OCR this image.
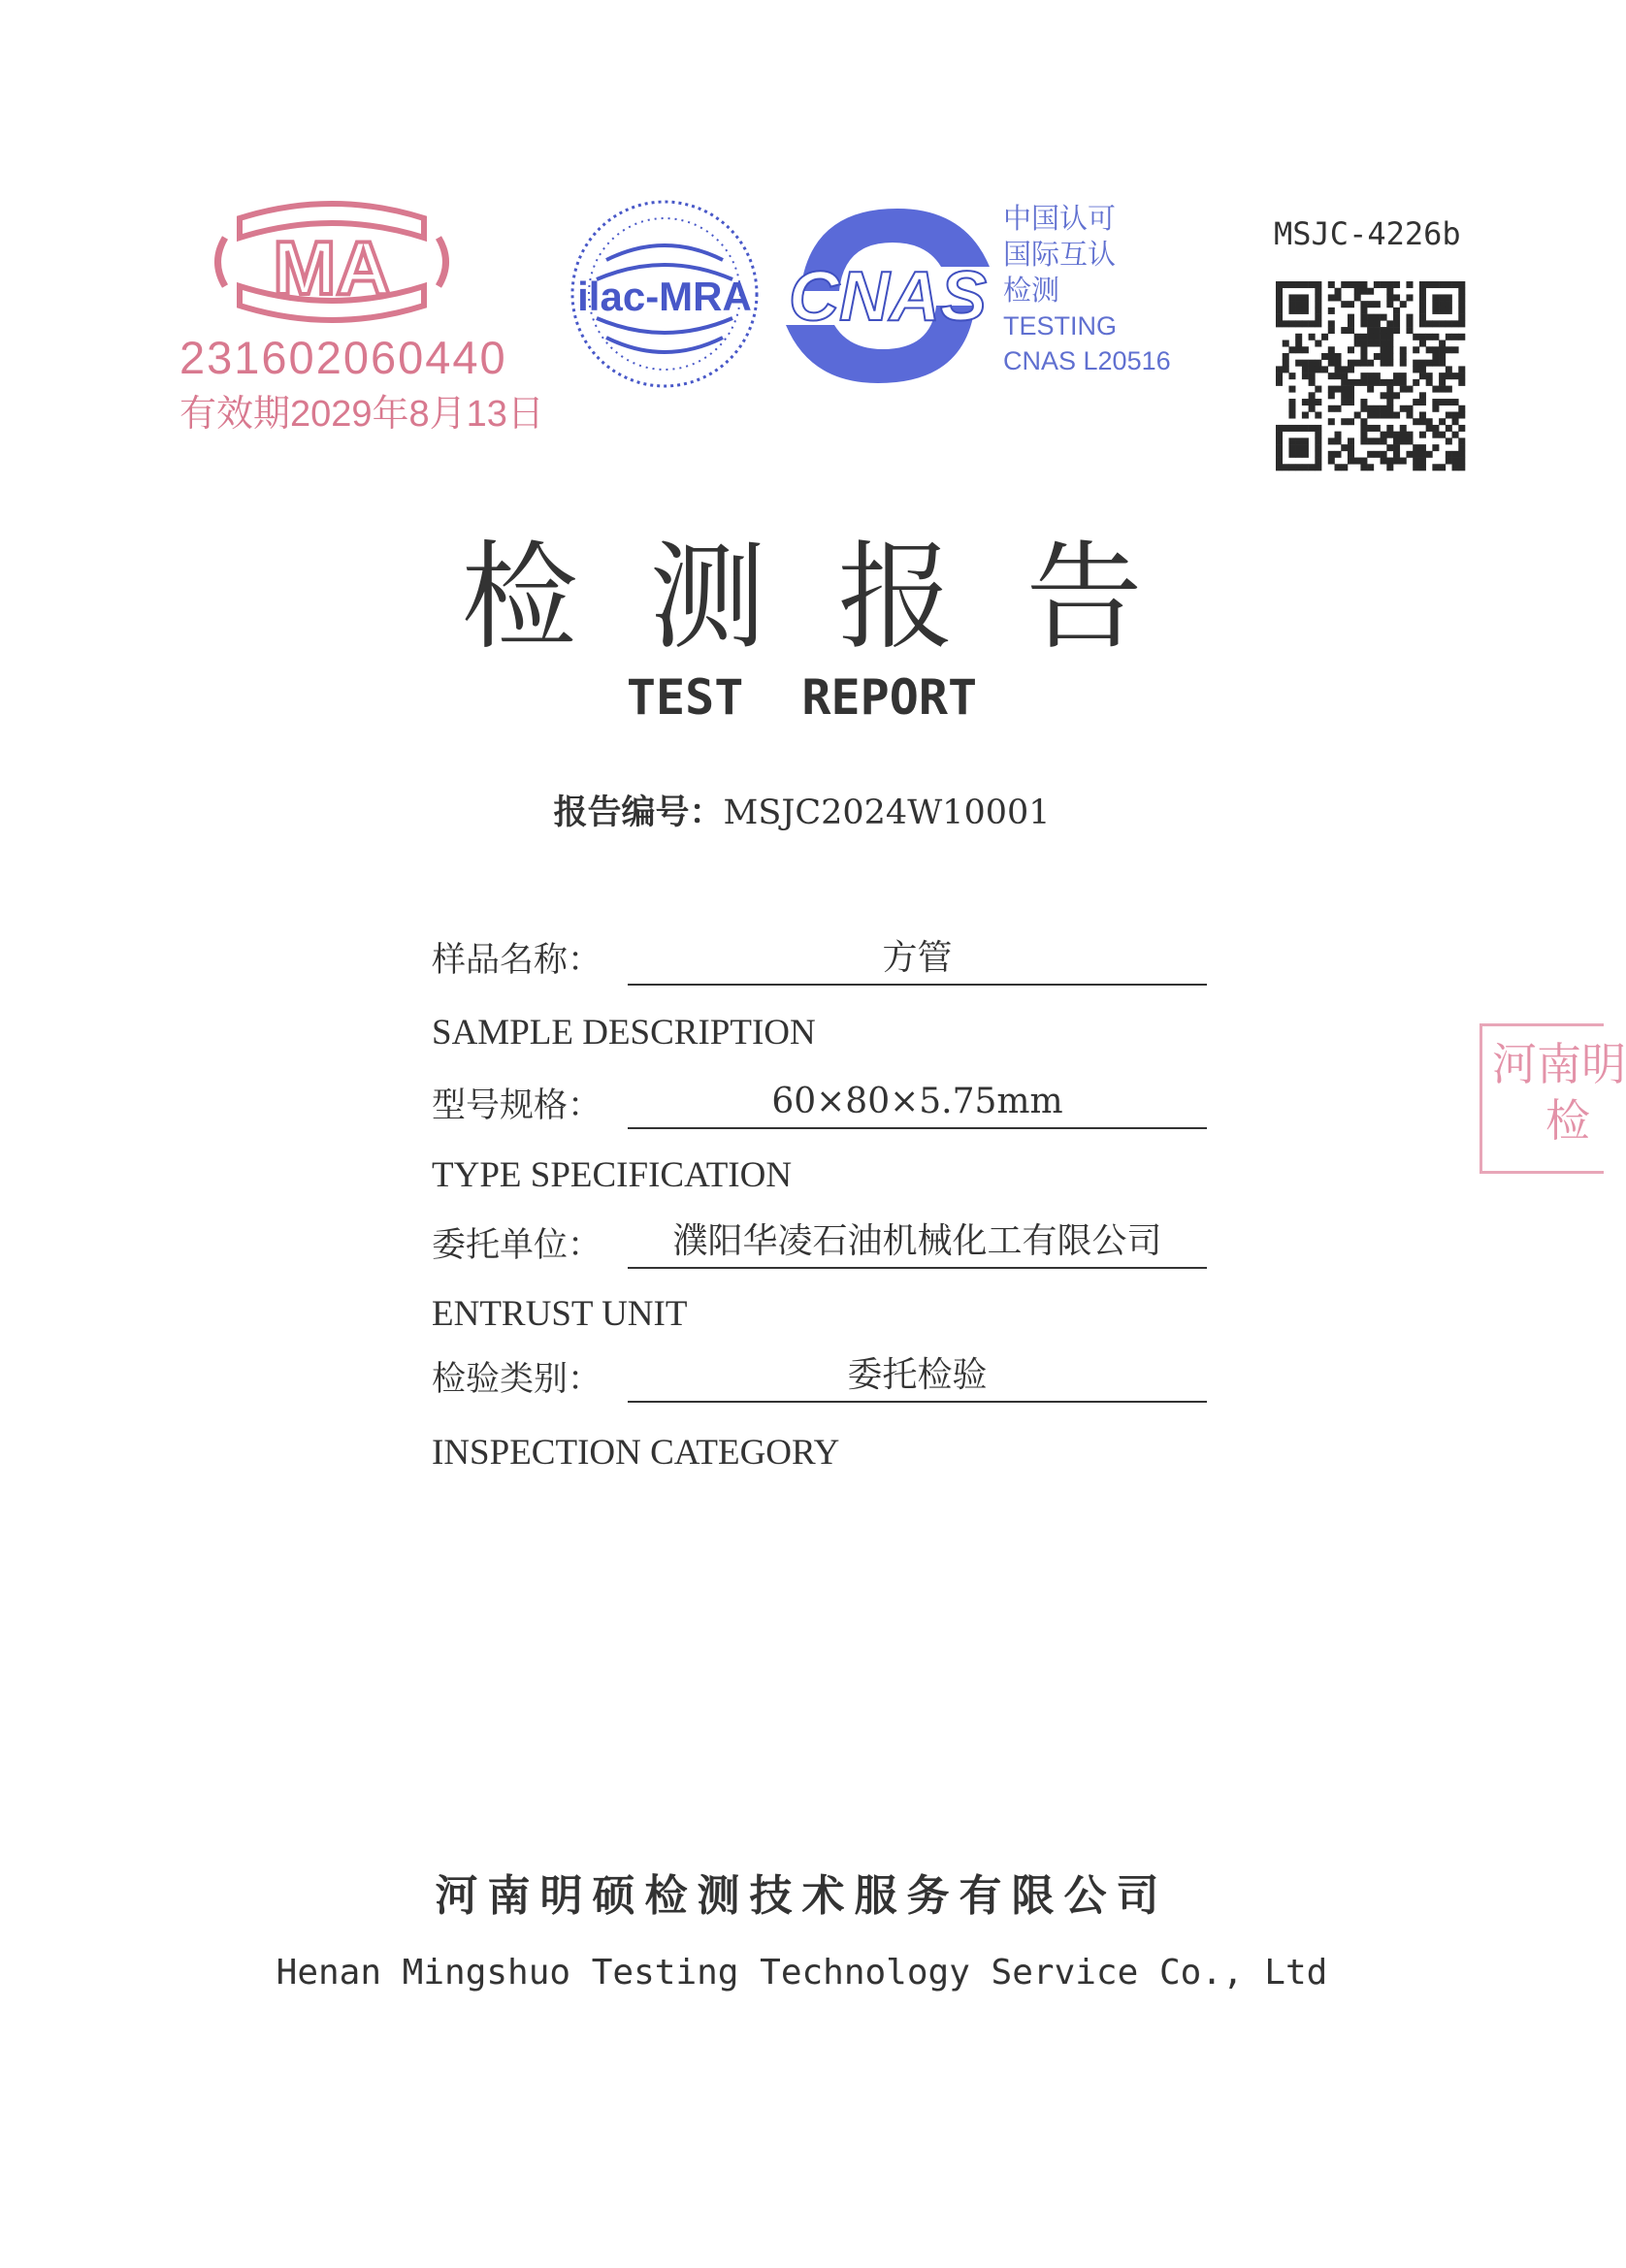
MA
231602060440
有效期2029年8月13日
ilac-MRA CNAS
中国认可
国际互认
检测
TESTING
CNAS L20516
MSJC-4226b
检测报告
TEST REPORT
报告编号：MSJC2024W10001
样品名称：	方管
SAMPLE DESCRIPTION
型号规格：	60×80×5.75mm
TYPE SPECIFICATION
委托单位：	濮阳华凌石油机械化工有限公司
ENTRUST UNIT
检验类别：	委托检验
INSPECTION CATEGORY
河南明
检
河南明硕检测技术服务有限公司
Henan Mingshuo Testing Technology Service Co., Ltd
